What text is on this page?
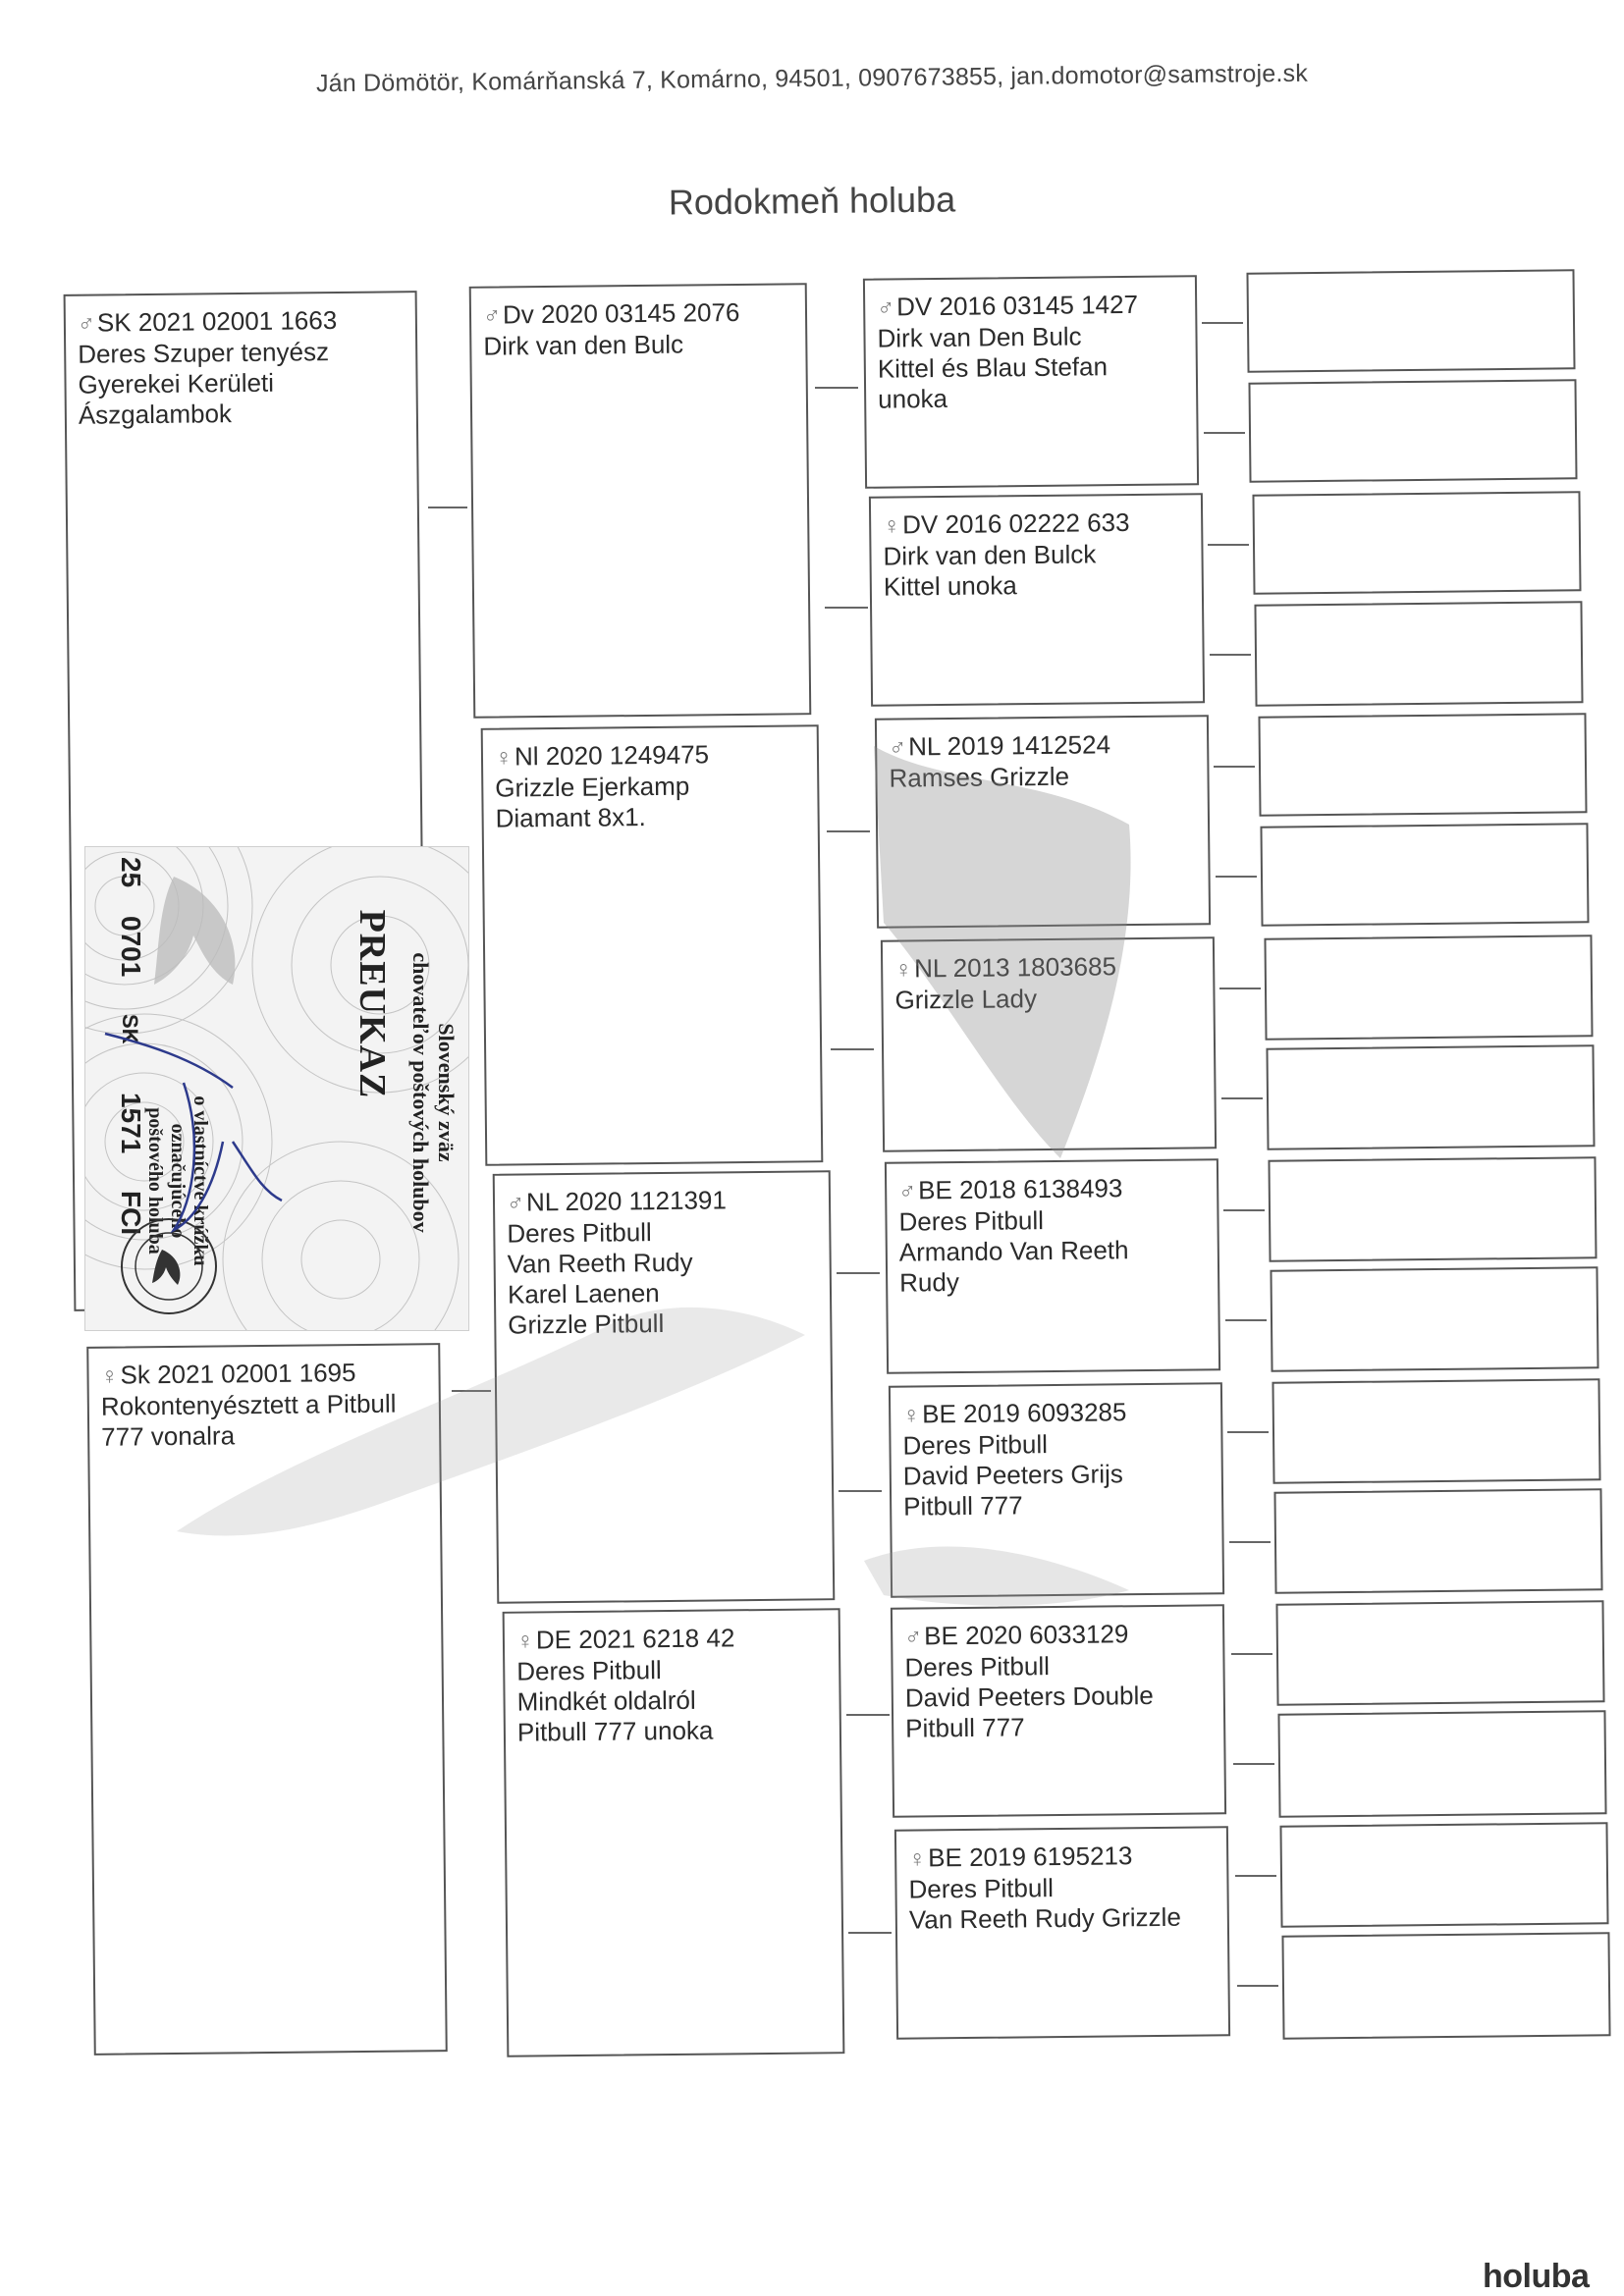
Ján Dömötör, Komárňanská 7, Komárno, 94501, 0907673855, jan.domotor@samstroje.sk
Rodokmeň holuba
♂SK 2021 02001 1663
Deres Szuper tenyész
Gyerekei Kerületi
Ászgalambok
♀Sk 2021 02001 1695
Rokontenyésztett a Pitbull
777 vonalra
♂Dv 2020 03145 2076
Dirk van den Bulc
♀Nl 2020 1249475
Grizzle Ejerkamp
Diamant 8x1.
♂NL 2020 1121391
Deres Pitbull
Van Reeth Rudy
Karel Laenen
Grizzle Pitbull
♀DE 2021 6218 42
Deres Pitbull
Mindkét oldalról
Pitbull 777 unoka
♂DV 2016 03145 1427
Dirk van Den Bulc
Kittel és Blau Stefan
unoka
♀DV 2016 02222 633
Dirk van den Bulck
Kittel unoka
♂NL 2019 1412524
Ramses Grizzle
♀NL 2013 1803685
Grizzle Lady
♂BE 2018 6138493
Deres Pitbull
Armando Van Reeth
Rudy
♀BE 2019 6093285
Deres Pitbull
David Peeters Grijs
Pitbull 777
♂BE 2020 6033129
Deres Pitbull
David Peeters Double
Pitbull 777
♀BE 2019 6195213
Deres Pitbull
Van Reeth Rudy Grizzle
Slovenský zväz
chovateľov poštových holubov
PREUKAZ
o vlastníctve krúžku
označujúceho
poštového holuba
25
0701
SK
1571
FCI
holuba
